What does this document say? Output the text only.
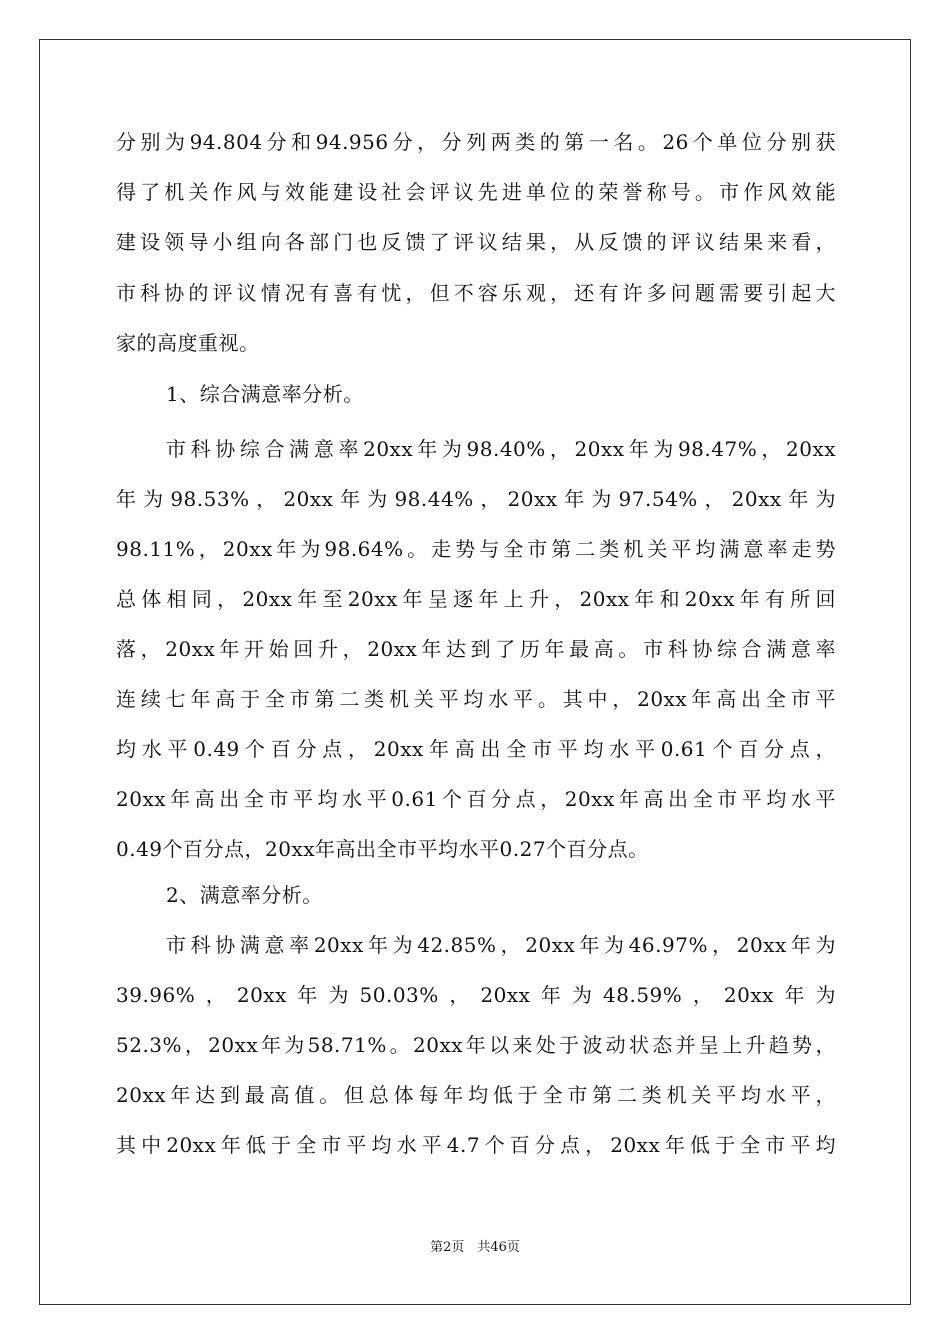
分别为94.804分和94.956分，分列两类的第一名。26个单位分别获
得了机关作风与效能建设社会评议先进单位的荣誉称号。市作风效能
建设领导小组向各部门也反馈了评议结果，从反馈的评议结果来看，
市科协的评议情况有喜有忧，但不容乐观，还有许多问题需要引起大
家的高度重视。
1、综合满意率分析。
市科协综合满意率20xx年为98.40%，20xx年为98.47%，20xx
年为98.53%，20xx年为98.44%，20xx年为97.54%，20xx年为
98.11%，20xx年为98.64%。走势与全市第二类机关平均满意率走势
总体相同，20xx年至20xx年呈逐年上升，20xx年和20xx年有所回
落，20xx年开始回升，20xx年达到了历年最高。市科协综合满意率
连续七年高于全市第二类机关平均水平。其中，20xx年高出全市平
均水平0.49个百分点，20xx年高出全市平均水平0.61个百分点，
20xx年高出全市平均水平0.61个百分点，20xx年高出全市平均水平
0.49个百分点，20xx年高出全市平均水平0.27个百分点。
2、满意率分析。
市科协满意率20xx年为42.85%，20xx年为46.97%，20xx年为
39.96%，20xx年为50.03%，20xx年为48.59%，20xx年为
52.3%，20xx年为58.71%。20xx年以来处于波动状态并呈上升趋势，
20xx年达到最高值。但总体每年均低于全市第二类机关平均水平，
其中20xx年低于全市平均水平4.7个百分点，20xx年低于全市平均
第2页　共46页
